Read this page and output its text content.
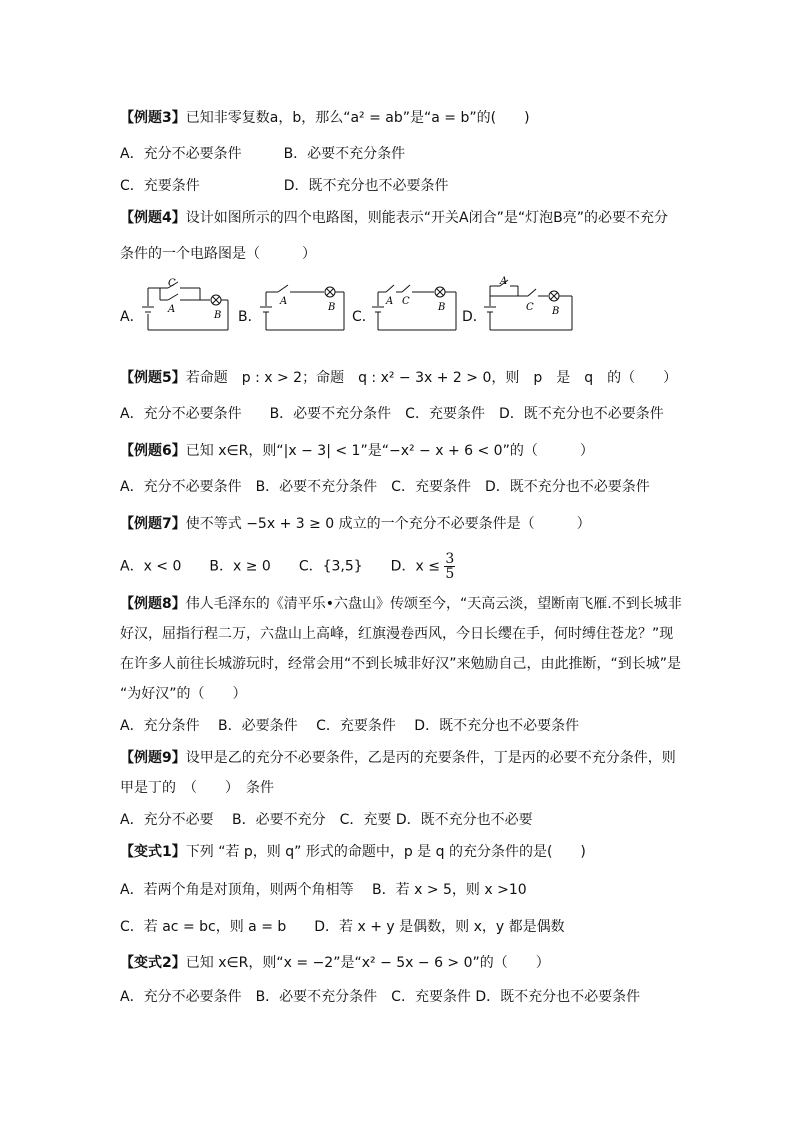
【例题3】已知非零复数a，b，那么“a² = ab”是“a = b”的(　　)
A．充分不必要条件　　　B．必要不充分条件
C．充要条件　　　　　　D．既不充分也不必要条件
【例题4】设计如图所示的四个电路图，则能表示“开关A闭合”是“灯泡B亮”的必要不充分
条件的一个电路图是（　　　）
A．	B．	C．	D．
C
A
B
A
B
A C
B
A
C B
【例题5】若命题　p : x > 2；命题　q : x² − 3x + 2 > 0，则　p　是　q　的（　　）
A．充分不必要条件　　B．必要不充分条件　C．充要条件　D．既不充分也不必要条件
【例题6】已知 x∈R，则“|x − 3| < 1”是“−x² − x + 6 < 0”的（　　　）
A．充分不必要条件　B．必要不充分条件　C．充要条件　D．既不充分也不必要条件
【例题7】使不等式 −5x + 3 ≥ 0 成立的一个充分不必要条件是（　　　）
A．x < 0　　B．x ≥ 0　　C．{3,5}　　D．$x \le \frac{3}{5}$
【例题8】伟人毛泽东的《清平乐•六盘山》传颂至今，“天高云淡，望断南飞雁.不到长城非
好汉，屈指行程二万，六盘山上高峰，红旗漫卷西风，今日长缨在手，何时缚住苍龙？”现
在许多人前往长城游玩时，经常会用“不到长城非好汉”来勉励自己，由此推断，“到长城”是
“为好汉”的（　　）
A．充分条件　 B．必要条件　 C．充要条件　 D．既不充分也不必要条件
【例题9】设甲是乙的充分不必要条件，乙是丙的充要条件，丁是丙的必要不充分条件，则
甲是丁的　（　　）　条件
A．充分不必要　 B．必要不充分　C．充要 D．既不充分也不必要
【变式1】下列 “若 p，则 q” 形式的命题中，p 是 q 的充分条件的是(　　)
A．若两个角是对顶角，则两个角相等　 B．若 x > 5，则 x >10
C．若 ac = bc，则 a = b　　D．若 x + y 是偶数，则 x，y 都是偶数
【变式2】已知 x∈R，则“x = −2”是“x² − 5x − 6 > 0”的（　　）
A．充分不必要条件　B．必要不充分条件　C．充要条件 D．既不充分也不必要条件
